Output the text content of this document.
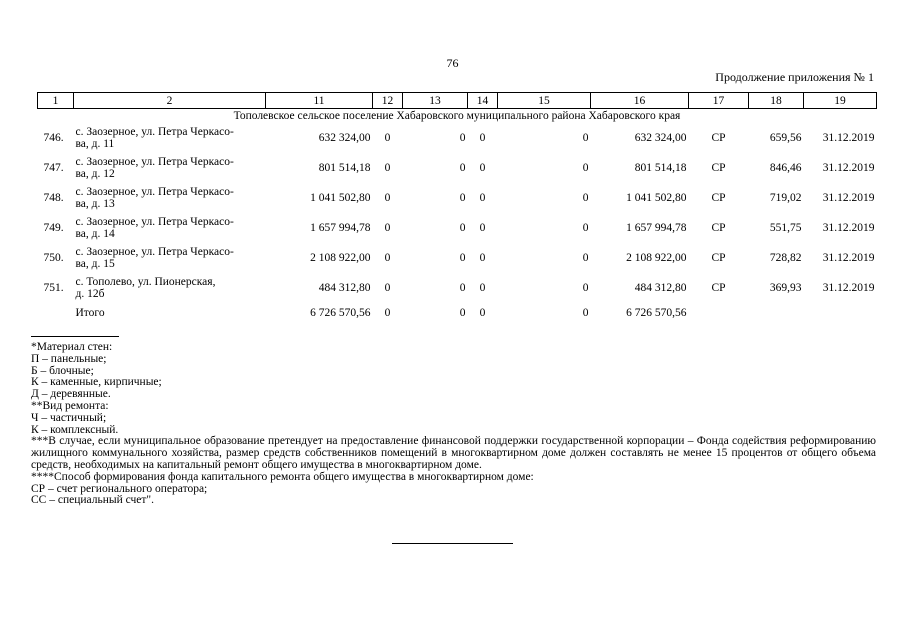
76
Продолжение приложения № 1
1	2	11	12	13	14	15	16	17	18	19
Тополевское сельское поселение Хабаровского муниципального района Хабаровского края										
746.	с. Заозерное, ул. Петра Черкасо-
ва, д. 11	632 324,00	0	0	0	0	632 324,00	СР	659,56	31.12.2019
747.	с. Заозерное, ул. Петра Черкасо-
ва, д. 12	801 514,18	0	0	0	0	801 514,18	СР	846,46	31.12.2019
748.	с. Заозерное, ул. Петра Черкасо-
ва, д. 13	1 041 502,80	0	0	0	0	1 041 502,80	СР	719,02	31.12.2019
749.	с. Заозерное, ул. Петра Черкасо-
ва, д. 14	1 657 994,78	0	0	0	0	1 657 994,78	СР	551,75	31.12.2019
750.	с. Заозерное, ул. Петра Черкасо-
ва, д. 15	2 108 922,00	0	0	0	0	2 108 922,00	СР	728,82	31.12.2019
751.	с. Тополево, ул. Пионерская,
д. 12б	484 312,80	0	0	0	0	484 312,80	СР	369,93	31.12.2019
	Итого	6 726 570,56	0	0	0	0	6 726 570,56			
*Материал стен:
П – панельные;
Б – блочные;
К – каменные, кирпичные;
Д – деревянные.
**Вид ремонта:
Ч – частичный;
К – комплексный.
***В случае, если муниципальное образование претендует на предоставление финансовой поддержки государственной корпорации – Фонда содействия реформированию жилищного коммунального хозяйства, размер средств собственников помещений в многоквартирном доме должен составлять не менее 15 процентов от общего объема средств, необходимых на капитальный ремонт общего имущества в многоквартирном доме.
****Способ формирования фонда капитального ремонта общего имущества в многоквартирном доме:
СР – счет регионального оператора;
СС – специальный счет".
